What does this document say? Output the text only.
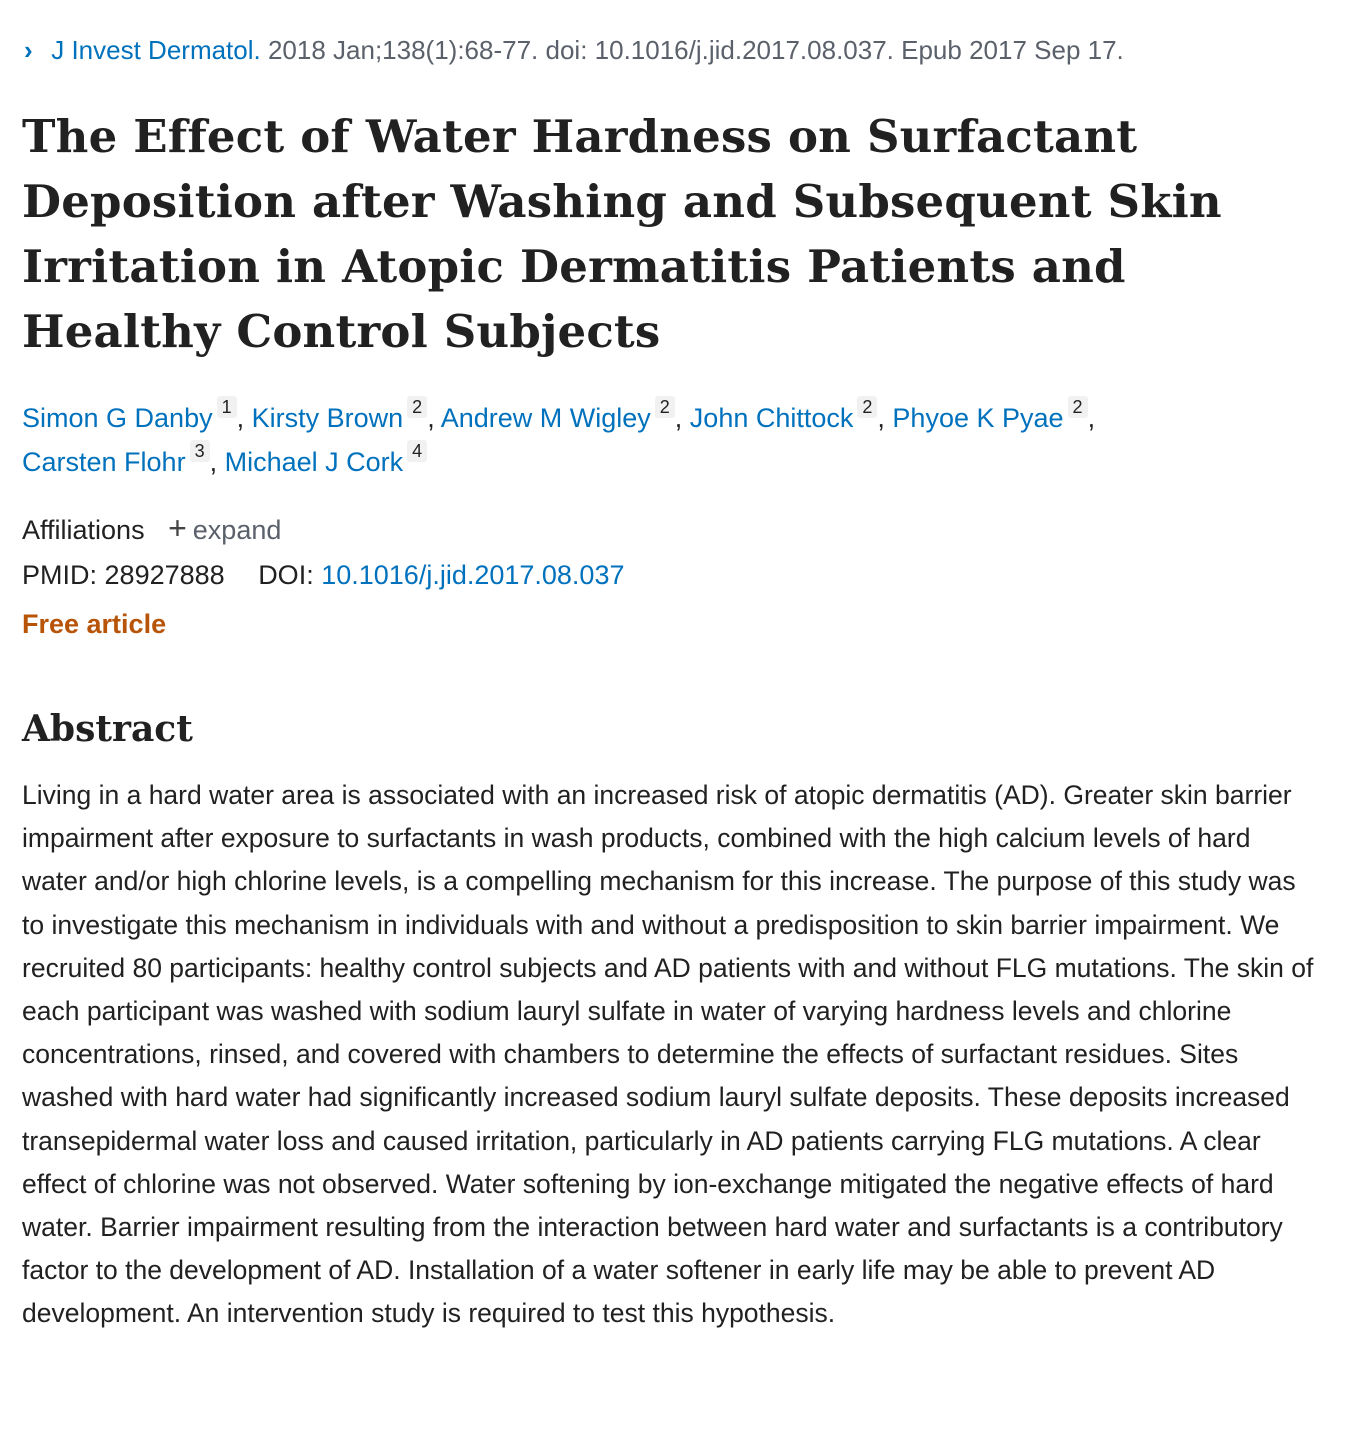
› J Invest Dermatol. 2018 Jan;138(1):68-77. doi: 10.1016/j.jid.2017.08.037. Epub 2017 Sep 17.
The Effect of Water Hardness on Surfactant Deposition after Washing and Subsequent Skin Irritation in Atopic Dermatitis Patients and Healthy Control Subjects
Simon G Danby $^1$ , Kirsty Brown $^2$ , Andrew M Wigley $^2$ , John Chittock $^2$ , Phyoe K Pyae $^2$ ,
Carsten Flohr $^3$ , Michael J Cork $^4$
Affiliations + expand
PMID: 28927888 DOI: 10.1016/j.jid.2017.08.037
Free article
Abstract

Living in a hard water area is associated with an increased risk of atopic dermatitis (AD). Greater skin barrier impairment after exposure to surfactants in wash products, combined with the high calcium levels of hard water and/or high chlorine levels, is a compelling mechanism for this increase. The purpose of this study was to investigate this mechanism in individuals with and without a predisposition to skin barrier impairment. We recruited 80 participants: healthy control subjects and AD patients with and without FLG mutations. The skin of each participant was washed with sodium lauryl sulfate in water of varying hardness levels and chlorine concentrations, rinsed, and covered with chambers to determine the effects of surfactant residues. Sites washed with hard water had significantly increased sodium lauryl sulfate deposits. These deposits increased transepidermal water loss and caused irritation, particularly in AD patients carrying FLG mutations. A clear effect of chlorine was not observed. Water softening by ion-exchange mitigated the negative effects of hard water. Barrier impairment resulting from the interaction between hard water and surfactants is a contributory factor to the development of AD. Installation of a water softener in early life may be able to prevent AD development. An intervention study is required to test this hypothesis.
